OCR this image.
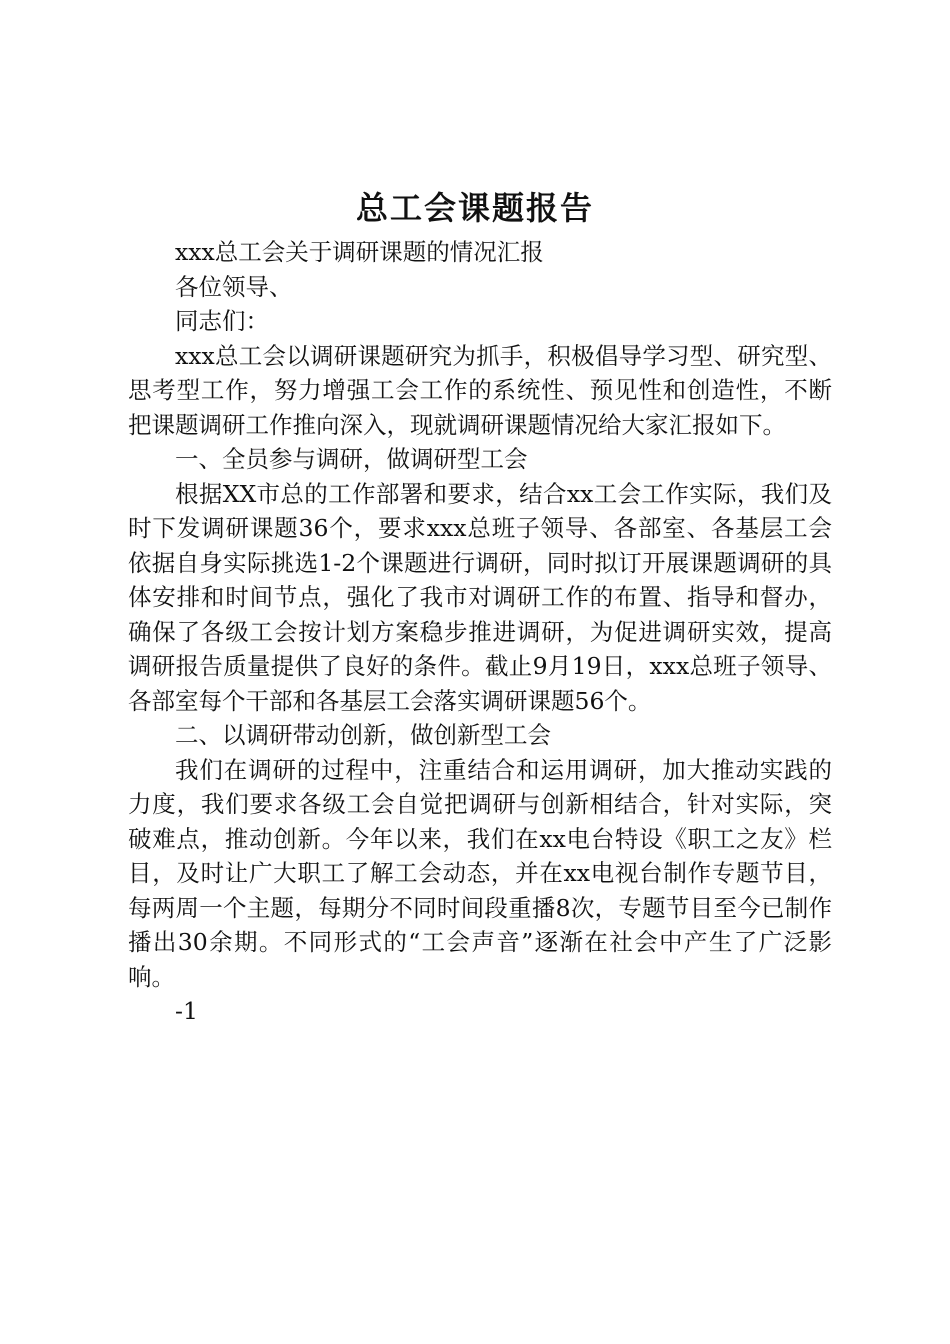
总工会课题报告

xxx总工会关于调研课题的情况汇报

各位领导、

同志们：

xxx总工会以调研课题研究为抓手，积极倡导学习型、研究型、思考型工作，努力增强工会工作的系统性、预见性和创造性，不断把课题调研工作推向深入，现就调研课题情况给大家汇报如下。

一、全员参与调研，做调研型工会

根据XX市总的工作部署和要求，结合xx工会工作实际，我们及时下发调研课题36个，要求xxx总班子领导、各部室、各基层工会依据自身实际挑选1-2个课题进行调研，同时拟订开展课题调研的具体安排和时间节点，强化了我市对调研工作的布置、指导和督办，确保了各级工会按计划方案稳步推进调研，为促进调研实效，提高调研报告质量提供了良好的条件。截止9月19日，xxx总班子领导、各部室每个干部和各基层工会落实调研课题56个。

二、以调研带动创新，做创新型工会

我们在调研的过程中，注重结合和运用调研，加大推动实践的力度，我们要求各级工会自觉把调研与创新相结合，针对实际，突破难点，推动创新。今年以来，我们在xx电台特设《职工之友》栏目，及时让广大职工了解工会动态，并在xx电视台制作专题节目，每两周一个主题，每期分不同时间段重播8次，专题节目至今已制作播出30余期。不同形式的“工会声音”逐渐在社会中产生了广泛影响。

-1
